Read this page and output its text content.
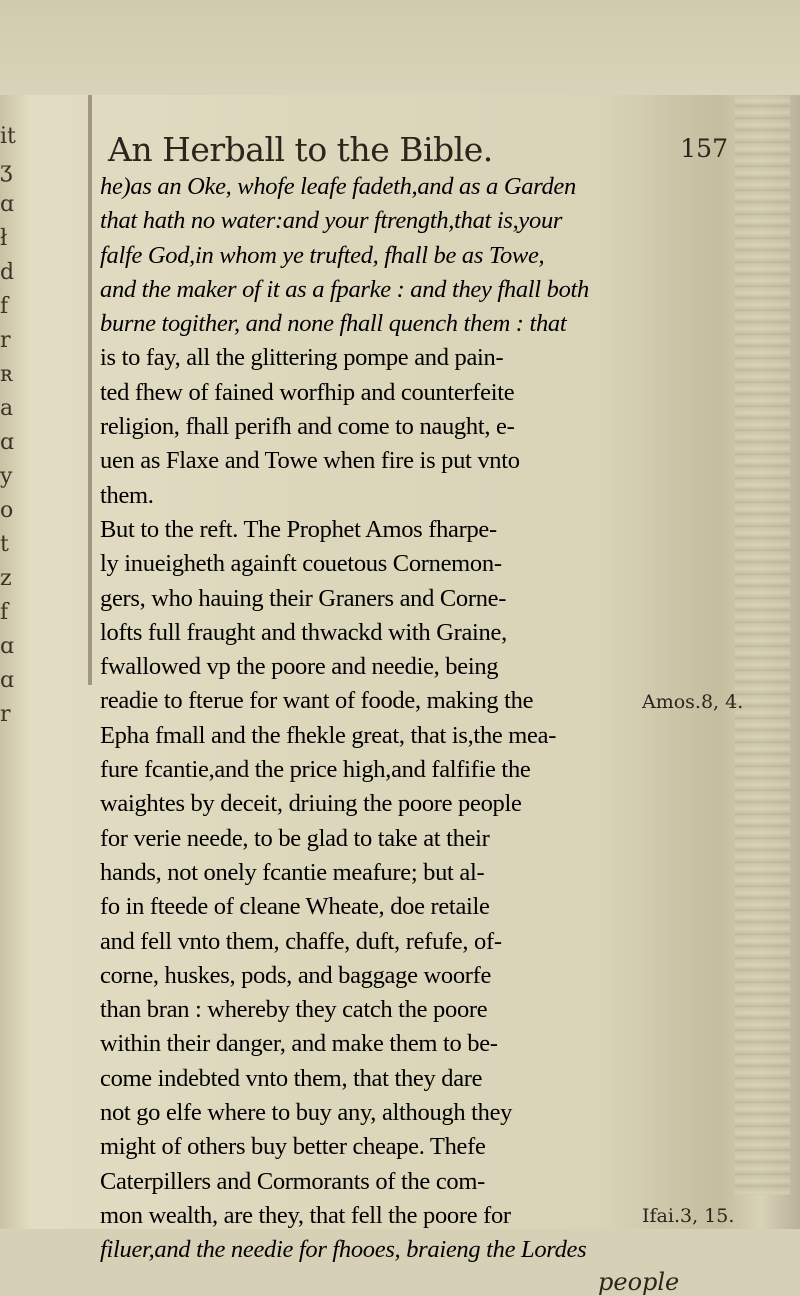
it
ʒ
ɑ
ł
d
f
r
ʀ
a
ɑ
y
o
t
z
f
ɑ
ɑ
r
An Herball to the Bible.	157
he)as an Oke, whofe leafe fadeth,and as a Garden
that hath no water:and your ftrength,that is,your
falfe God,in whom ye trufted, fhall be as Towe,
and the maker of it as a fparke : and they fhall both
burne togither, and none fhall quench them : that
is to fay, all the glittering pompe and pain-
ted fhew of fained worfhip and counterfeite
religion, fhall perifh and come to naught, e-
uen as Flaxe and Towe when fire is put vnto
them.
But to the reft. The Prophet Amos fharpe-
ly inueigheth againft couetous Cornemon-
gers, who hauing their Graners and Corne-
lofts full fraught and thwackd with Graine,
fwallowed vp the poore and needie, being
readie to fterue for want of foode, making the
Epha fmall and the fhekle great, that is,the mea-
fure fcantie,and the price high,and falfifie the
waightes by deceit, driuing the poore people
for verie neede, to be glad to take at their
hands, not onely fcantie meafure; but al-
fo in fteede of cleane Wheate, doe retaile
and fell vnto them, chaffe, duft, refufe, of-
corne, huskes, pods, and baggage woorfe
than bran : whereby they catch the poore
within their danger, and make them to be-
come indebted vnto them, that they dare
not go elfe where to buy any, although they
might of others buy better cheape. Thefe
Caterpillers and Cormorants of the com-
mon wealth, are they, that fell the poore for
filuer,and the needie for fhooes, braieng the Lordes
Amos.8, 4.
Ifai.3, 15.
people
